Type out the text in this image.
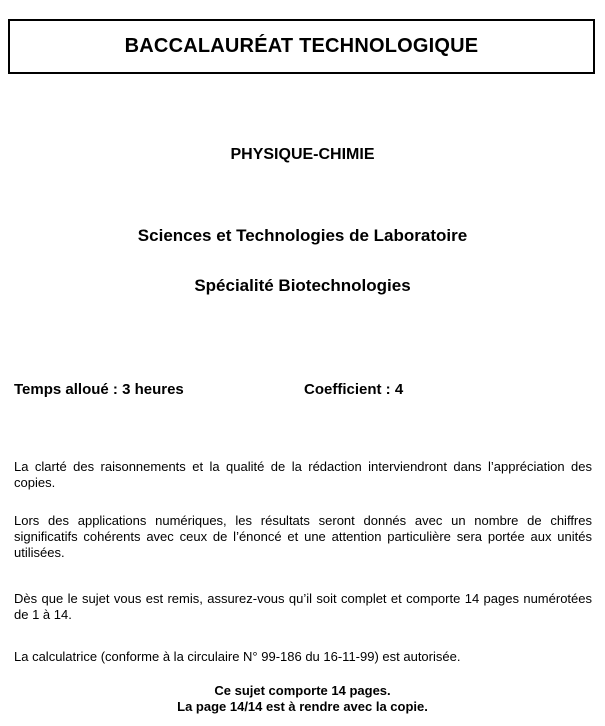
BACCALAURÉAT TECHNOLOGIQUE

PHYSIQUE-CHIMIE

Sciences et Technologies de Laboratoire

Spécialité Biotechnologies

Temps alloué : 3 heures	Coefficient : 4

La clarté des raisonnements et la qualité de la rédaction interviendront dans l’appréciation des copies.

Lors des applications numériques, les résultats seront donnés avec un nombre de chiffres significatifs cohérents avec ceux de l’énoncé et une attention particulière sera portée aux unités utilisées.

Dès que le sujet vous est remis, assurez-vous qu’il soit complet et comporte 14 pages numérotées de 1 à 14.

La calculatrice (conforme à la circulaire N° 99-186 du 16-11-99) est autorisée.

Ce sujet comporte 14 pages.

La page 14/14 est à rendre avec la copie.
